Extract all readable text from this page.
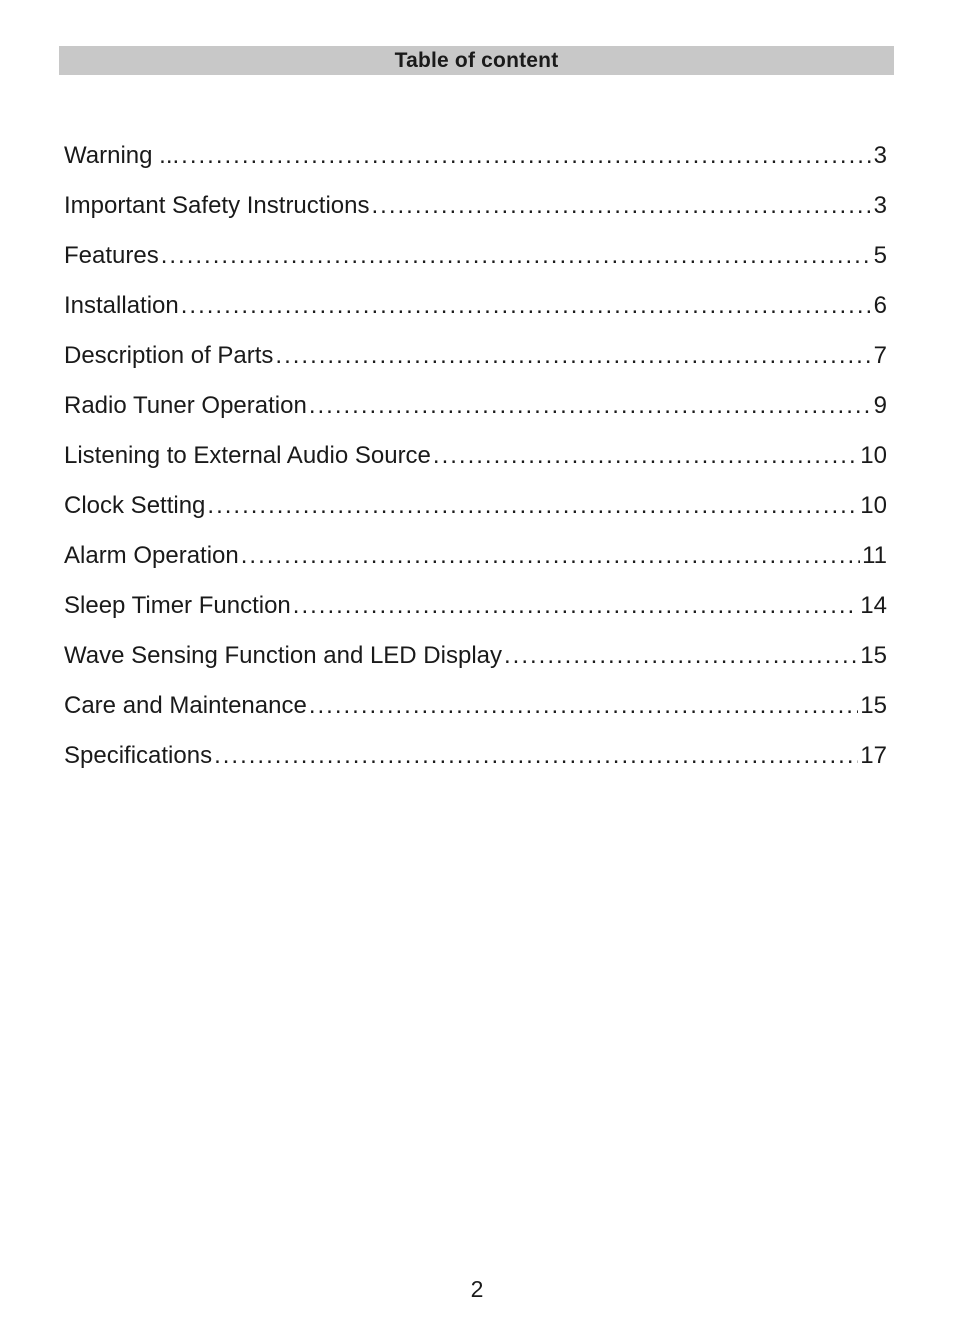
Table of content
Warning ... .....	3
Important Safety Instructions .....	3
Features .....	5
Installation .....	6
Description of Parts .....	7
Radio Tuner Operation .....	9
Listening to External Audio Source .....	10
Clock Setting .....	10
Alarm Operation .....	11
Sleep Timer Function .....	14
Wave Sensing Function and LED Display .....	15
Care and Maintenance .....	15
Specifications .....	17
2
